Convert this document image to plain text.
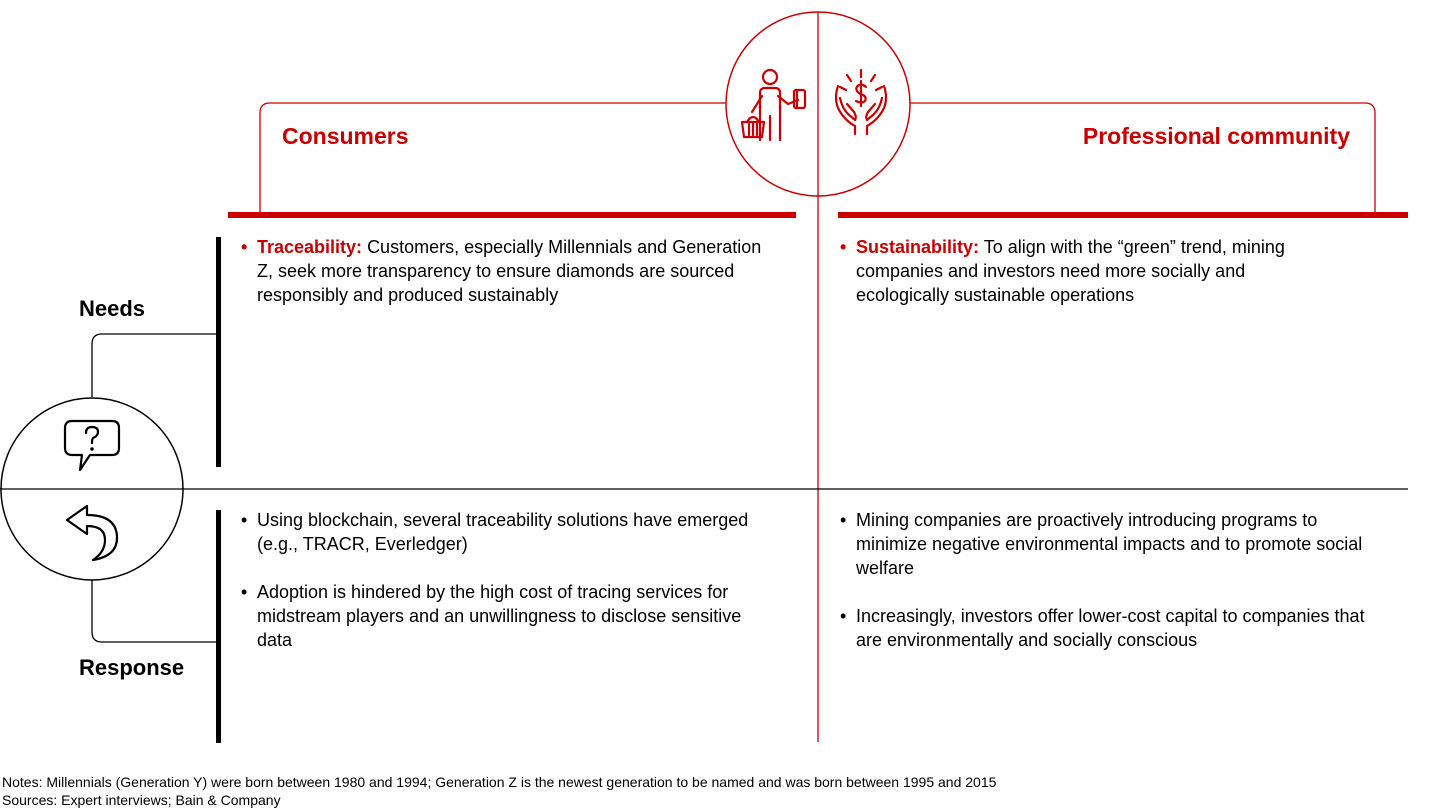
Consumers	Professional community
Needs
Response
• Traceability: Customers, especially Millennials and Generation Z, seek more transparency to ensure diamonds are sourced responsibly and produced sustainably
• Sustainability: To align with the “green” trend, mining companies and investors need more socially and ecologically sustainable operations
• Using blockchain, several traceability solutions have emerged (e.g., TRACR, Everledger)
• Adoption is hindered by the high cost of tracing services for midstream players and an unwillingness to disclose sensitive data
• Mining companies are proactively introducing programs to minimize negative environmental impacts and to promote social welfare
• Increasingly, investors offer lower-cost capital to companies that are environmentally and socially conscious
Notes: Millennials (Generation Y) were born between 1980 and 1994; Generation Z is the newest generation to be named and was born between 1995 and 2015
Sources: Expert interviews; Bain & Company
